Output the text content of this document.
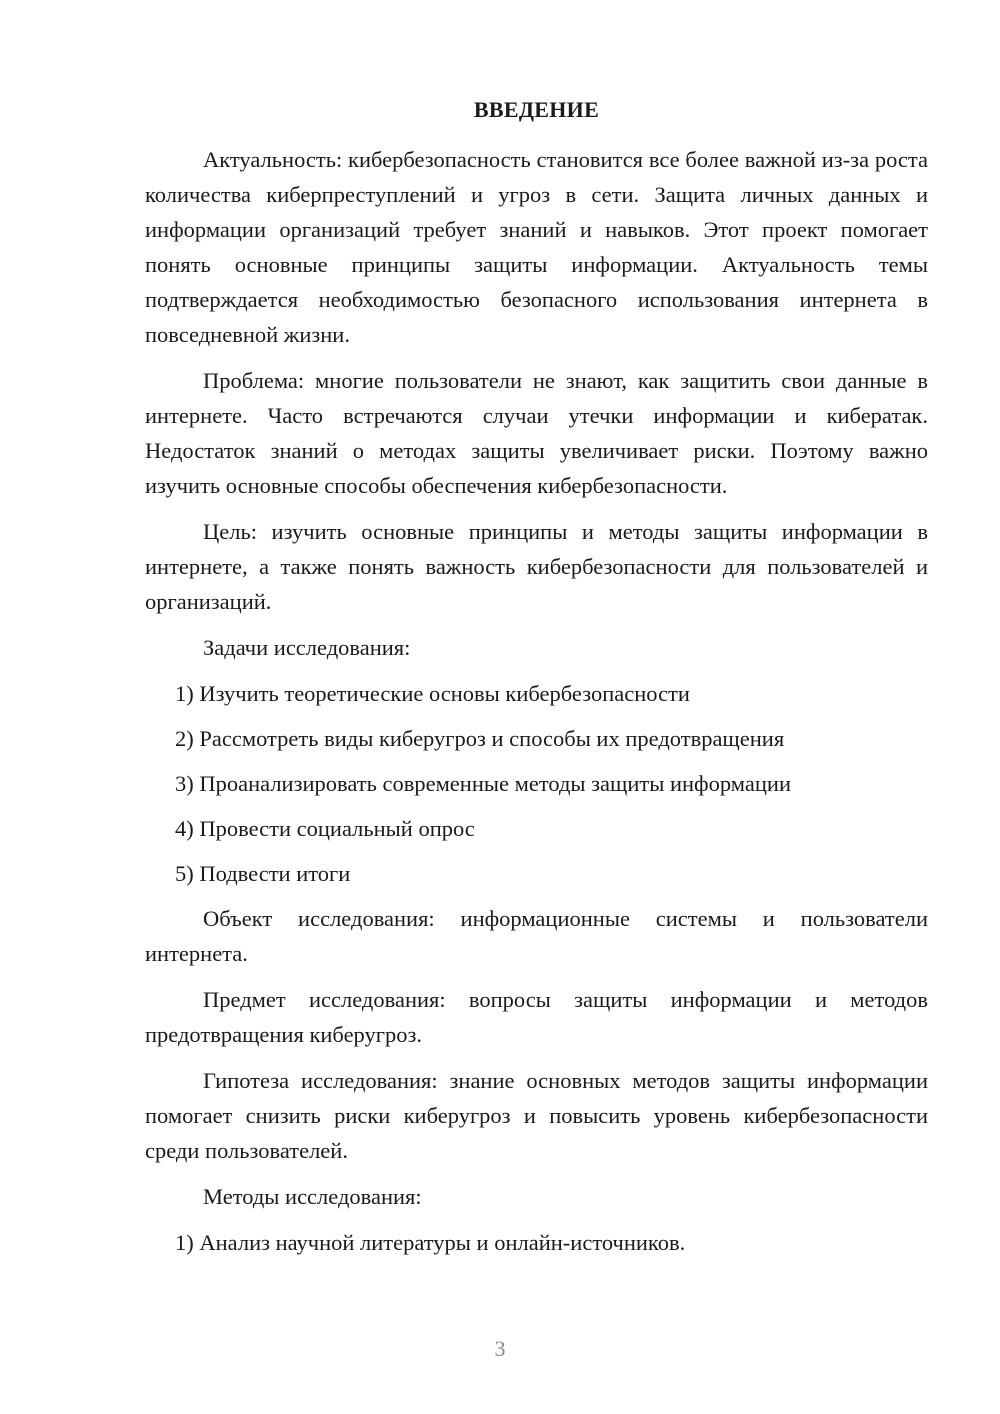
ВВЕДЕНИЕ

Актуальность: кибербезопасность становится все более важной из-за роста количества киберпреступлений и угроз в сети. Защита личных данных и информации организаций требует знаний и навыков. Этот проект помогает понять основные принципы защиты информации. Актуальность темы подтверждается необходимостью безопасного использования интернета в повседневной жизни.

Проблема: многие пользователи не знают, как защитить свои данные в интернете. Часто встречаются случаи утечки информации и кибератак. Недостаток знаний о методах защиты увеличивает риски. Поэтому важно изучить основные способы обеспечения кибербезопасности.

Цель: изучить основные принципы и методы защиты информации в интернете, а также понять важность кибербезопасности для пользователей и организаций.

Задачи исследования:

1) Изучить теоретические основы кибербезопасности

2) Рассмотреть виды киберугроз и способы их предотвращения

3) Проанализировать современные методы защиты информации

4) Провести социальный опрос

5) Подвести итоги

Объект исследования: информационные системы и пользователи интернета.

Предмет исследования: вопросы защиты информации и методов предотвращения киберугроз.

Гипотеза исследования: знание основных методов защиты информации помогает снизить риски киберугроз и повысить уровень кибербезопасности среди пользователей.

Методы исследования:

1) Анализ научной литературы и онлайн-источников.

3
